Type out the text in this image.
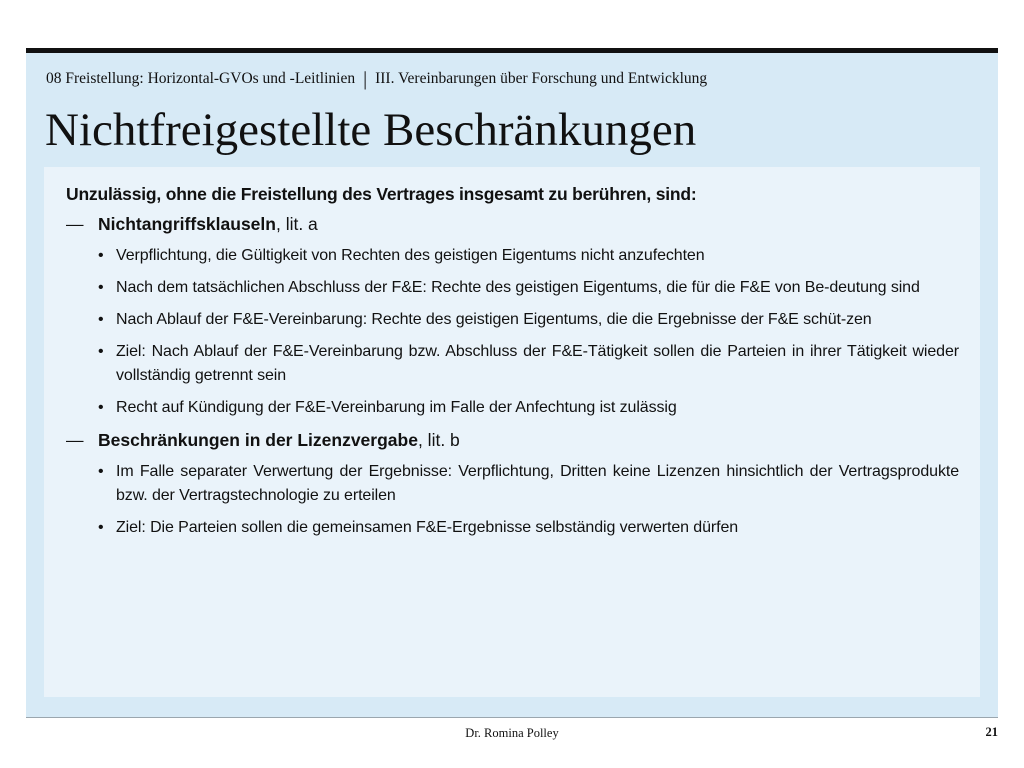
08 Freistellung: Horizontal-GVOs und -Leitlinien | III. Vereinbarungen über Forschung und Entwicklung
Nichtfreigestellte Beschränkungen

Unzulässig, ohne die Freistellung des Vertrages insgesamt zu berühren, sind:

— Nichtangriffsklauseln, lit. a
• Verpflichtung, die Gültigkeit von Rechten des geistigen Eigentums nicht anzufechten
• Nach dem tatsächlichen Abschluss der F&E: Rechte des geistigen Eigentums, die für die F&E von Be-deutung sind
• Nach Ablauf der F&E-Vereinbarung: Rechte des geistigen Eigentums, die die Ergebnisse der F&E schüt-zen
• Ziel: Nach Ablauf der F&E-Vereinbarung bzw. Abschluss der F&E-Tätigkeit sollen die Parteien in ihrer Tätigkeit wieder vollständig getrennt sein
• Recht auf Kündigung der F&E-Vereinbarung im Falle der Anfechtung ist zulässig
— Beschränkungen in der Lizenzvergabe, lit. b
• Im Falle separater Verwertung der Ergebnisse: Verpflichtung, Dritten keine Lizenzen hinsichtlich der Vertragsprodukte bzw. der Vertragstechnologie zu erteilen
• Ziel: Die Parteien sollen die gemeinsamen F&E-Ergebnisse selbständig verwerten dürfen
Dr. Romina Polley	21
